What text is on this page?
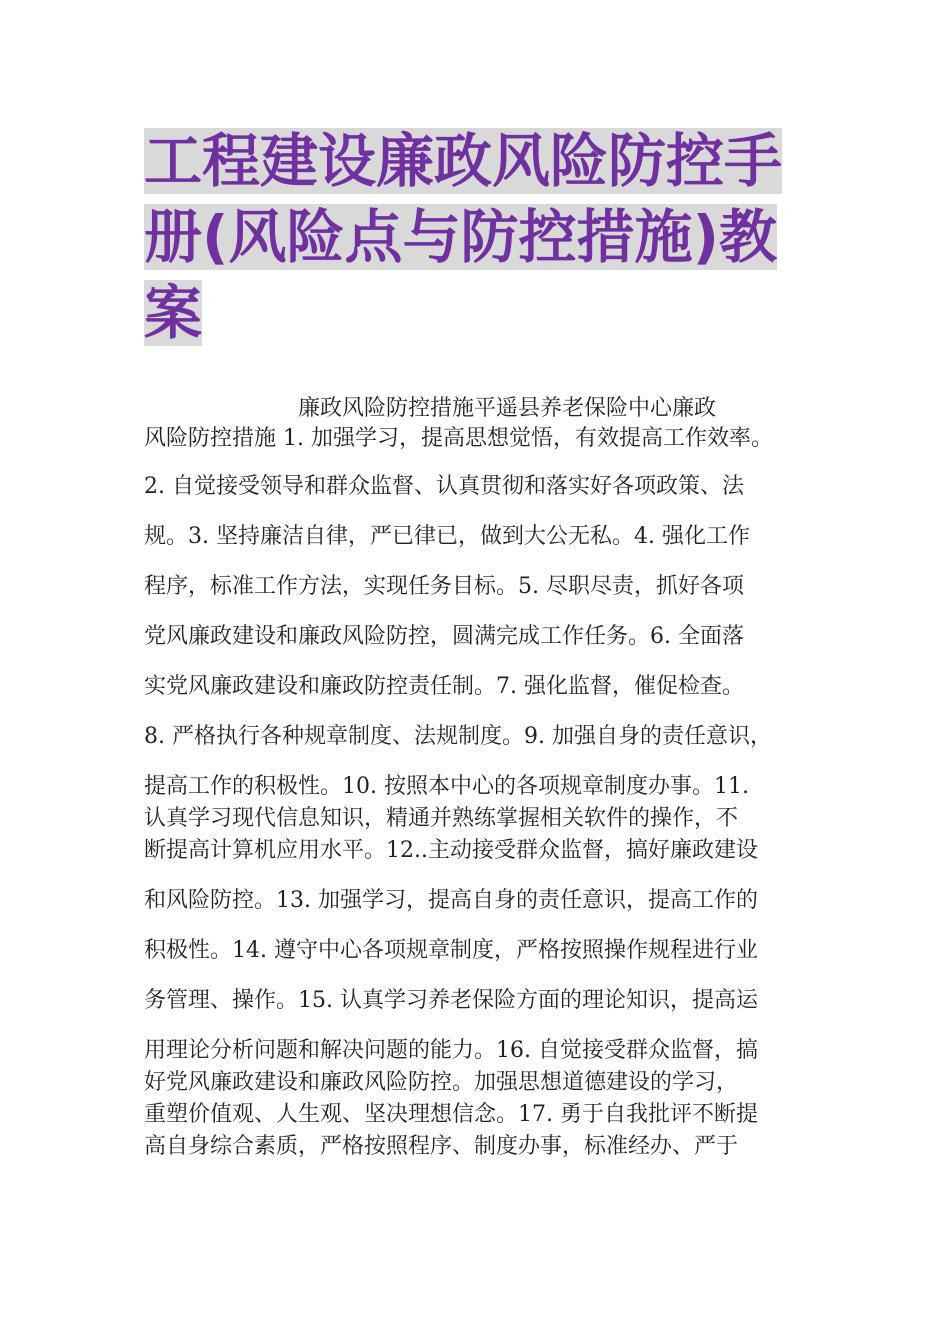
工程建设廉政风险防控手
册(风险点与防控措施)教
案
　　　　　　　廉政风险防控措施平遥县养老保险中心廉政
风险防控措施 1. 加强学习，提高思想觉悟，有效提高工作效率。
2. 自觉接受领导和群众监督、认真贯彻和落实好各项政策、法
规。3. 坚持廉洁自律，严已律已，做到大公无私。4. 强化工作
程序，标准工作方法，实现任务目标。5. 尽职尽责，抓好各项
党风廉政建设和廉政风险防控，圆满完成工作任务。6. 全面落
实党风廉政建设和廉政防控责任制。7. 强化监督，催促检查。
8. 严格执行各种规章制度、法规制度。9. 加强自身的责任意识，
提高工作的积极性。10. 按照本中心的各项规章制度办事。11.
认真学习现代信息知识，精通并熟练掌握相关软件的操作，不
断提高计算机应用水平。12..主动接受群众监督，搞好廉政建设
和风险防控。13. 加强学习，提高自身的责任意识，提高工作的
积极性。14. 遵守中心各项规章制度，严格按照操作规程进行业
务管理、操作。15. 认真学习养老保险方面的理论知识，提高运
用理论分析问题和解决问题的能力。16. 自觉接受群众监督，搞
好党风廉政建设和廉政风险防控。加强思想道德建设的学习，
重塑价值观、人生观、坚决理想信念。17. 勇于自我批评不断提
高自身综合素质，严格按照程序、制度办事，标准经办、严于
